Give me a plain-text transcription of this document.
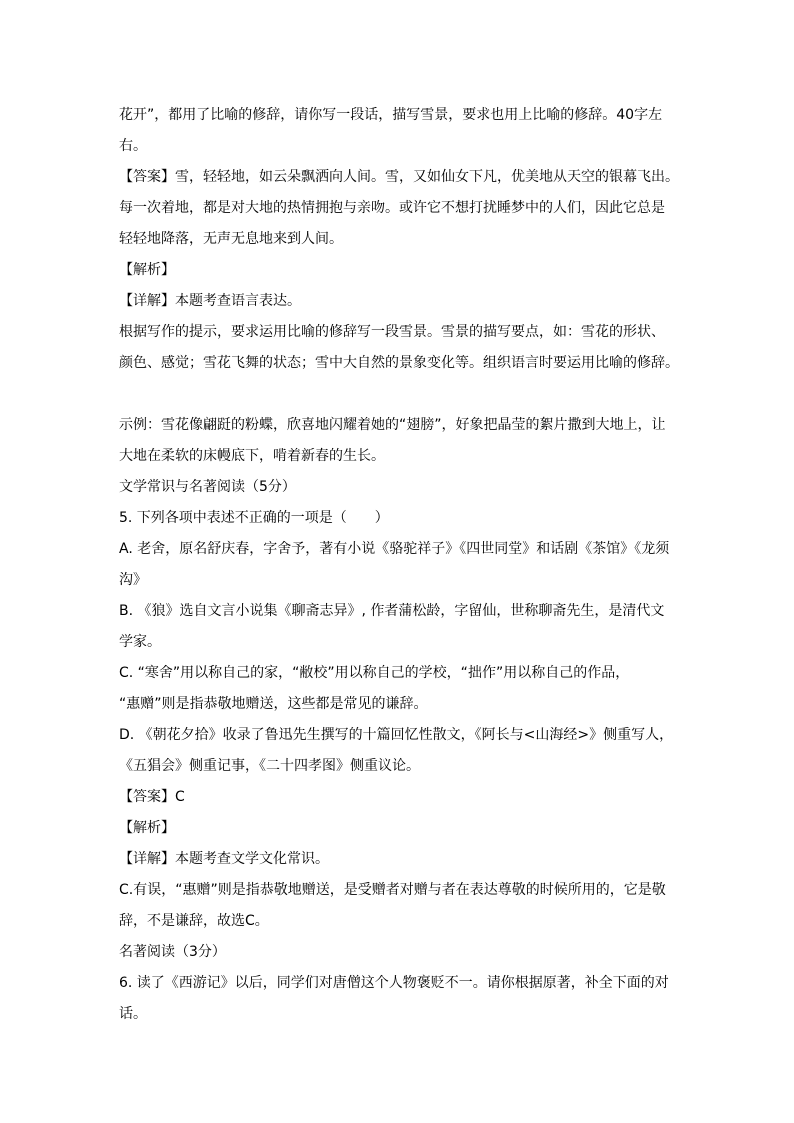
花开”，都用了比喻的修辞，请你写一段话，描写雪景，要求也用上比喻的修辞。40字左
右。
【答案】雪，轻轻地，如云朵飘洒向人间。雪，又如仙女下凡，优美地从天空的银幕飞出。
每一次着地，都是对大地的热情拥抱与亲吻。或许它不想打扰睡梦中的人们，因此它总是
轻轻地降落，无声无息地来到人间。
【解析】
【详解】本题考查语言表达。
根据写作的提示，要求运用比喻的修辞写一段雪景。雪景的描写要点，如：雪花的形状、
颜色、感觉；雪花飞舞的状态；雪中大自然的景象变化等。组织语言时要运用比喻的修辞。
示例：雪花像翩跹的粉蝶，欣喜地闪耀着她的“翅膀”，好象把晶莹的絮片撒到大地上，让
大地在柔软的床幔底下，啃着新春的生长。
文学常识与名著阅读（5分）
5. 下列各项中表述不正确的一项是（　　）
A. 老舍，原名舒庆春，字舍予，著有小说《骆驼祥子》《四世同堂》和话剧《茶馆》《龙须
沟》
B. 《狼》选自文言小说集《聊斋志异》, 作者蒲松龄，字留仙，世称聊斋先生，是清代文
学家。
C. “寒舍”用以称自己的家，“敝校”用以称自己的学校，“拙作”用以称自己的作品，
“惠赠”则是指恭敬地赠送，这些都是常见的谦辞。
D. 《朝花夕拾》收录了鲁迅先生撰写的十篇回忆性散文，《阿长与<山海经>》侧重写人，
《五猖会》侧重记事，《二十四孝图》侧重议论。
【答案】C
【解析】
【详解】本题考查文学文化常识。
C.有误，“惠赠”则是指恭敬地赠送，是受赠者对赠与者在表达尊敬的时候所用的，它是敬
辞，不是谦辞，故选C。
名著阅读（3分）
6. 读了《西游记》以后，同学们对唐僧这个人物褒贬不一。请你根据原著，补全下面的对
话。
